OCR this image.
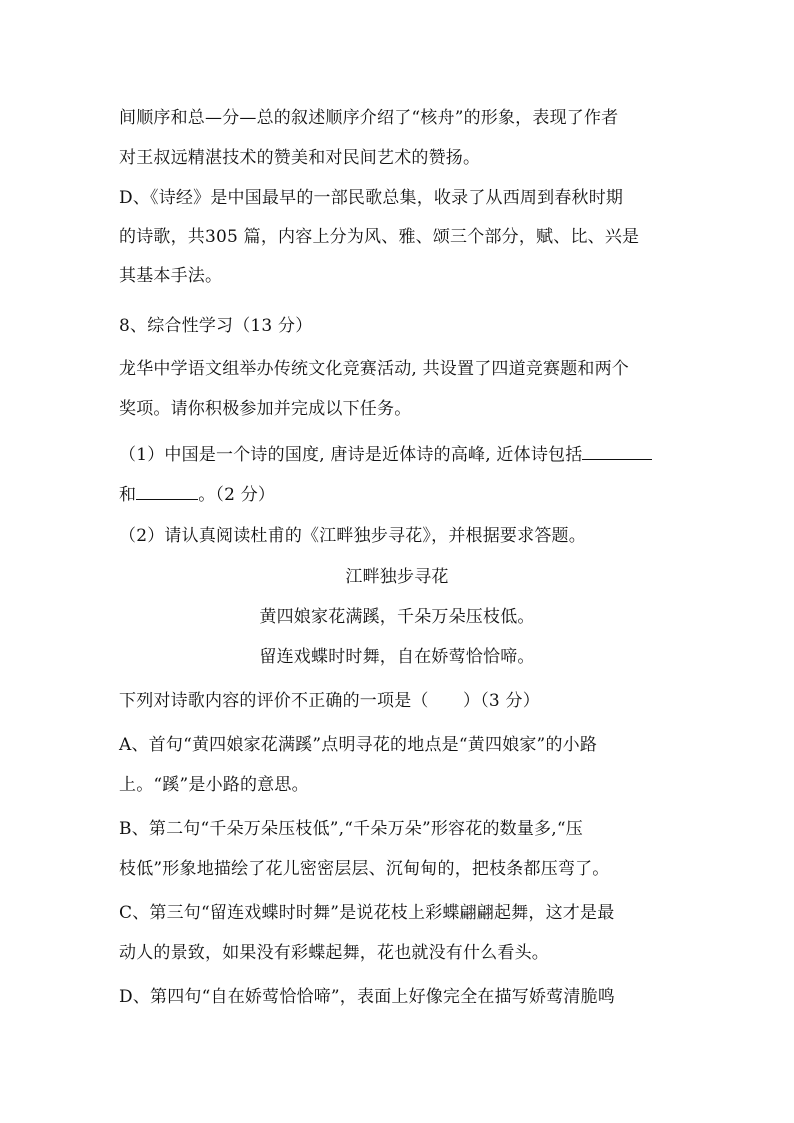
间顺序和总—分—总的叙述顺序介绍了“核舟”的形象，表现了作者
对王叔远精湛技术的赞美和对民间艺术的赞扬。
D、《诗经》是中国最早的一部民歌总集，收录了从西周到春秋时期
的诗歌，共305 篇，内容上分为风、雅、颂三个部分，赋、比、兴是
其基本手法。
8、综合性学习（13 分）
龙华中学语文组举办传统文化竞赛活动, 共设置了四道竞赛题和两个
奖项。请你积极参加并完成以下任务。
（1）中国是一个诗的国度, 唐诗是近体诗的高峰, 近体诗包括
和	。（2 分）
（2）请认真阅读杜甫的《江畔独步寻花》，并根据要求答题。
江畔独步寻花
黄四娘家花满蹊，千朵万朵压枝低。
留连戏蝶时时舞，自在娇莺恰恰啼。
下列对诗歌内容的评价不正确的一项是（　　）（3 分）
A、首句“黄四娘家花满蹊”点明寻花的地点是“黄四娘家”的小路
上。“蹊”是小路的意思。
B、第二句“千朵万朵压枝低”,“千朵万朵”形容花的数量多,“压
枝低”形象地描绘了花儿密密层层、沉甸甸的，把枝条都压弯了。
C、第三句“留连戏蝶时时舞”是说花枝上彩蝶翩翩起舞，这才是最
动人的景致，如果没有彩蝶起舞，花也就没有什么看头。
D、第四句“自在娇莺恰恰啼”，表面上好像完全在描写娇莺清脆鸣
